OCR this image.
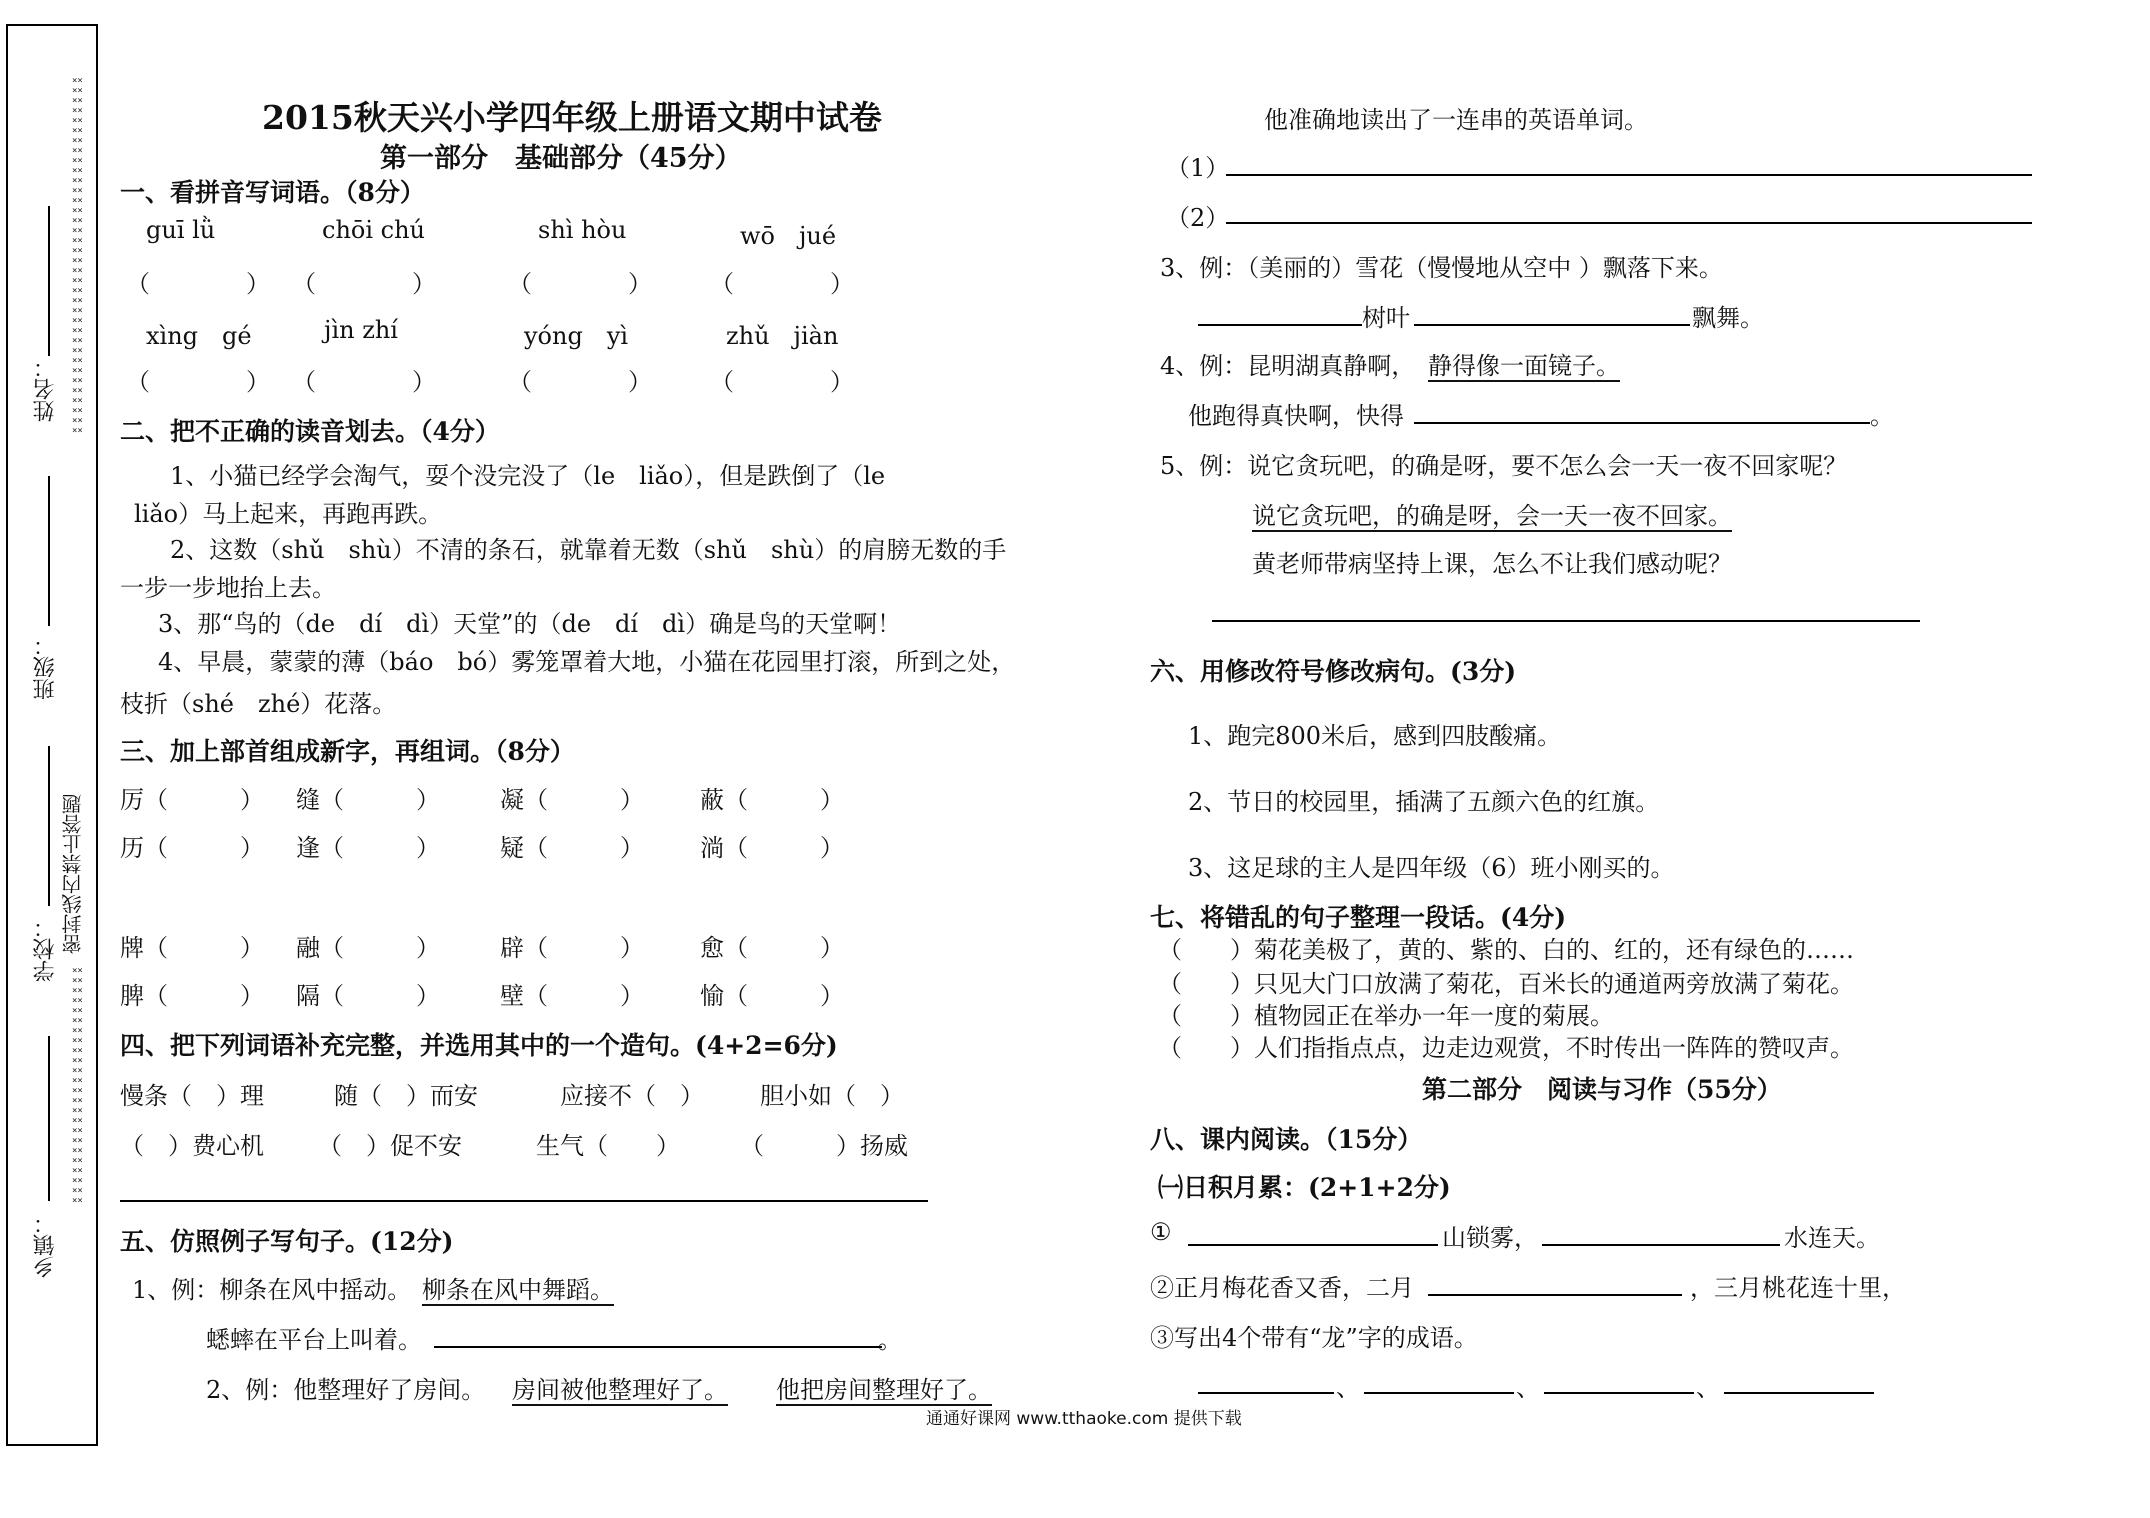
姓名：
班级：
学校： 密封线内禁止答题
乡镇：
××××××××××××××××××××××××××××××××××××××××××××××××××××××××××××××××××××××××
××××××××××××××××××××××××××××××××××××××××××××××××
2015秋天兴小学四年级上册语文期中试卷
第一部分　基础部分（45分）
一、看拼音写词语。（8分）
guī lǜ	chōi chú	shì hòu	wō　jué
（　　　　） （　　　　）	（　　　　） （　　　　）
xìng　gé	jìn zhí	yóng　yì	zhǔ　jiàn
（　　　　） （　　　　）	（　　　　） （　　　　）
二、把不正确的读音划去。（4分）
1、小猫已经学会淘气，耍个没完没了（le　liǎo），但是跌倒了（le
liǎo）马上起来，再跑再跌。
2、这数（shǔ　shù）不清的条石，就靠着无数（shǔ　shù）的肩膀无数的手
一步一步地抬上去。
3、那“鸟的（de　dí　dì）天堂”的（de　dí　dì）确是鸟的天堂啊！
4、早晨，蒙蒙的薄（báo　bó）雾笼罩着大地，小猫在花园里打滚，所到之处，
枝折（shé　zhé）花落。
三、加上部首组成新字，再组词。（8分）
厉（　　　） 缝（　　　）	凝（　　　） 蔽（　　　）
历（　　　） 逢（　　　）	疑（　　　） 淌（　　　）
牌（　　　） 融（　　　）	辟（　　　） 愈（　　　）
脾（　　　） 隔（　　　）	壁（　　　） 愉（　　　）
四、把下列词语补充完整，并选用其中的一个造句。(4+2=6分)
慢条（　）理	随（　）而安	应接不（　） 胆小如（　）
（　）费心机 （　）促不安	生气（　　）	（　　　）扬威
五、仿照例子写句子。(12分)
1、例：柳条在风中摇动。 柳条在风中舞蹈。
蟋蟀在平台上叫着。	。
2、例：他整理好了房间。 房间被他整理好了。 他把房间整理好了。
他准确地读出了一连串的英语单词。
（1）
（2）
3、例：（美丽的）雪花（慢慢地从空中 ）飘落下来。
树叶	飘舞。
4、例：昆明湖真静啊， 静得像一面镜子。
他跑得真快啊，快得	。
5、例：说它贪玩吧，的确是呀，要不怎么会一天一夜不回家呢？
说它贪玩吧，的确是呀，会一天一夜不回家。
黄老师带病坚持上课，怎么不让我们感动呢？
六、用修改符号修改病句。(3分)
1、跑完800米后，感到四肢酸痛。
2、节日的校园里，插满了五颜六色的红旗。
3、这足球的主人是四年级（6）班小刚买的。
七、将错乱的句子整理一段话。(4分)
（　　）菊花美极了，黄的、紫的、白的、红的，还有绿色的……
（　　）只见大门口放满了菊花，百米长的通道两旁放满了菊花。
（　　）植物园正在举办一年一度的菊展。
（　　）人们指指点点，边走边观赏，不时传出一阵阵的赞叹声。
第二部分　阅读与习作（55分）
八、课内阅读。（15分）
㈠日积月累：(2+1+2分)
①	山锁雾，	水连天。
②正月梅花香又香，二月	，三月桃花连十里，
③写出4个带有“龙”字的成语。
、	、	、
通通好课网 www.tthaoke.com 提供下载
